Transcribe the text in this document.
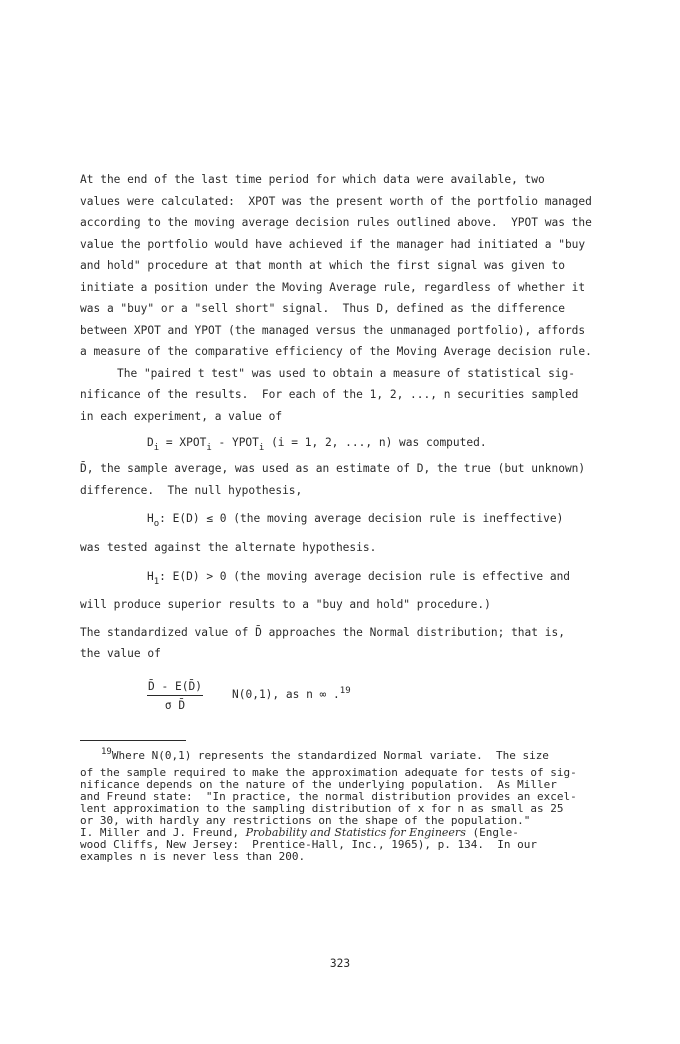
At the end of the last time period for which data were available, two
values were calculated:  XPOT was the present worth of the portfolio managed
according to the moving average decision rules outlined above.  YPOT was the
value the portfolio would have achieved if the manager had initiated a "buy
and hold" procedure at that month at which the first signal was given to
initiate a position under the Moving Average rule, regardless of whether it
was a "buy" or a "sell short" signal.  Thus D, defined as the difference
between XPOT and YPOT (the managed versus the unmanaged portfolio), affords
a measure of the comparative efficiency of the Moving Average decision rule.
The "paired t test" was used to obtain a measure of statistical sig-
nificance of the results.  For each of the 1, 2, ..., n securities sampled
in each experiment, a value of
$D_i$ = $XPOT_i$ - $YPOT_i$ (i = 1, 2, ..., n) was computed.
D̄, the sample average, was used as an estimate of D, the true (but unknown)
difference.  The null hypothesis,
$H_o$: E(D) ≤ 0 (the moving average decision rule is ineffective)
was tested against the alternate hypothesis.
$H_1$: E(D) > 0 (the moving average decision rule is effective and
will produce superior results to a "buy and hold" procedure.)
The standardized value of D̄ approaches the Normal distribution; that is,
the value of
$\frac{D̄ - E(D̄)}{\text{σ D̄}}$	N(0,1), as n ∞ .$^{19}$
$^{19}$Where N(0,1) represents the standardized Normal variate.  The size
of the sample required to make the approximation adequate for tests of sig-
nificance depends on the nature of the underlying population.  As Miller
and Freund state:  "In practice, the normal distribution provides an excel-
lent approximation to the sampling distribution of x for n as small as 25
or 30, with hardly any restrictions on the shape of the population."
I. Miller and J. Freund, Probability and Statistics for Engineers (Engle-
wood Cliffs, New Jersey:  Prentice-Hall, Inc., 1965), p. 134.  In our
examples n is never less than 200.
323
